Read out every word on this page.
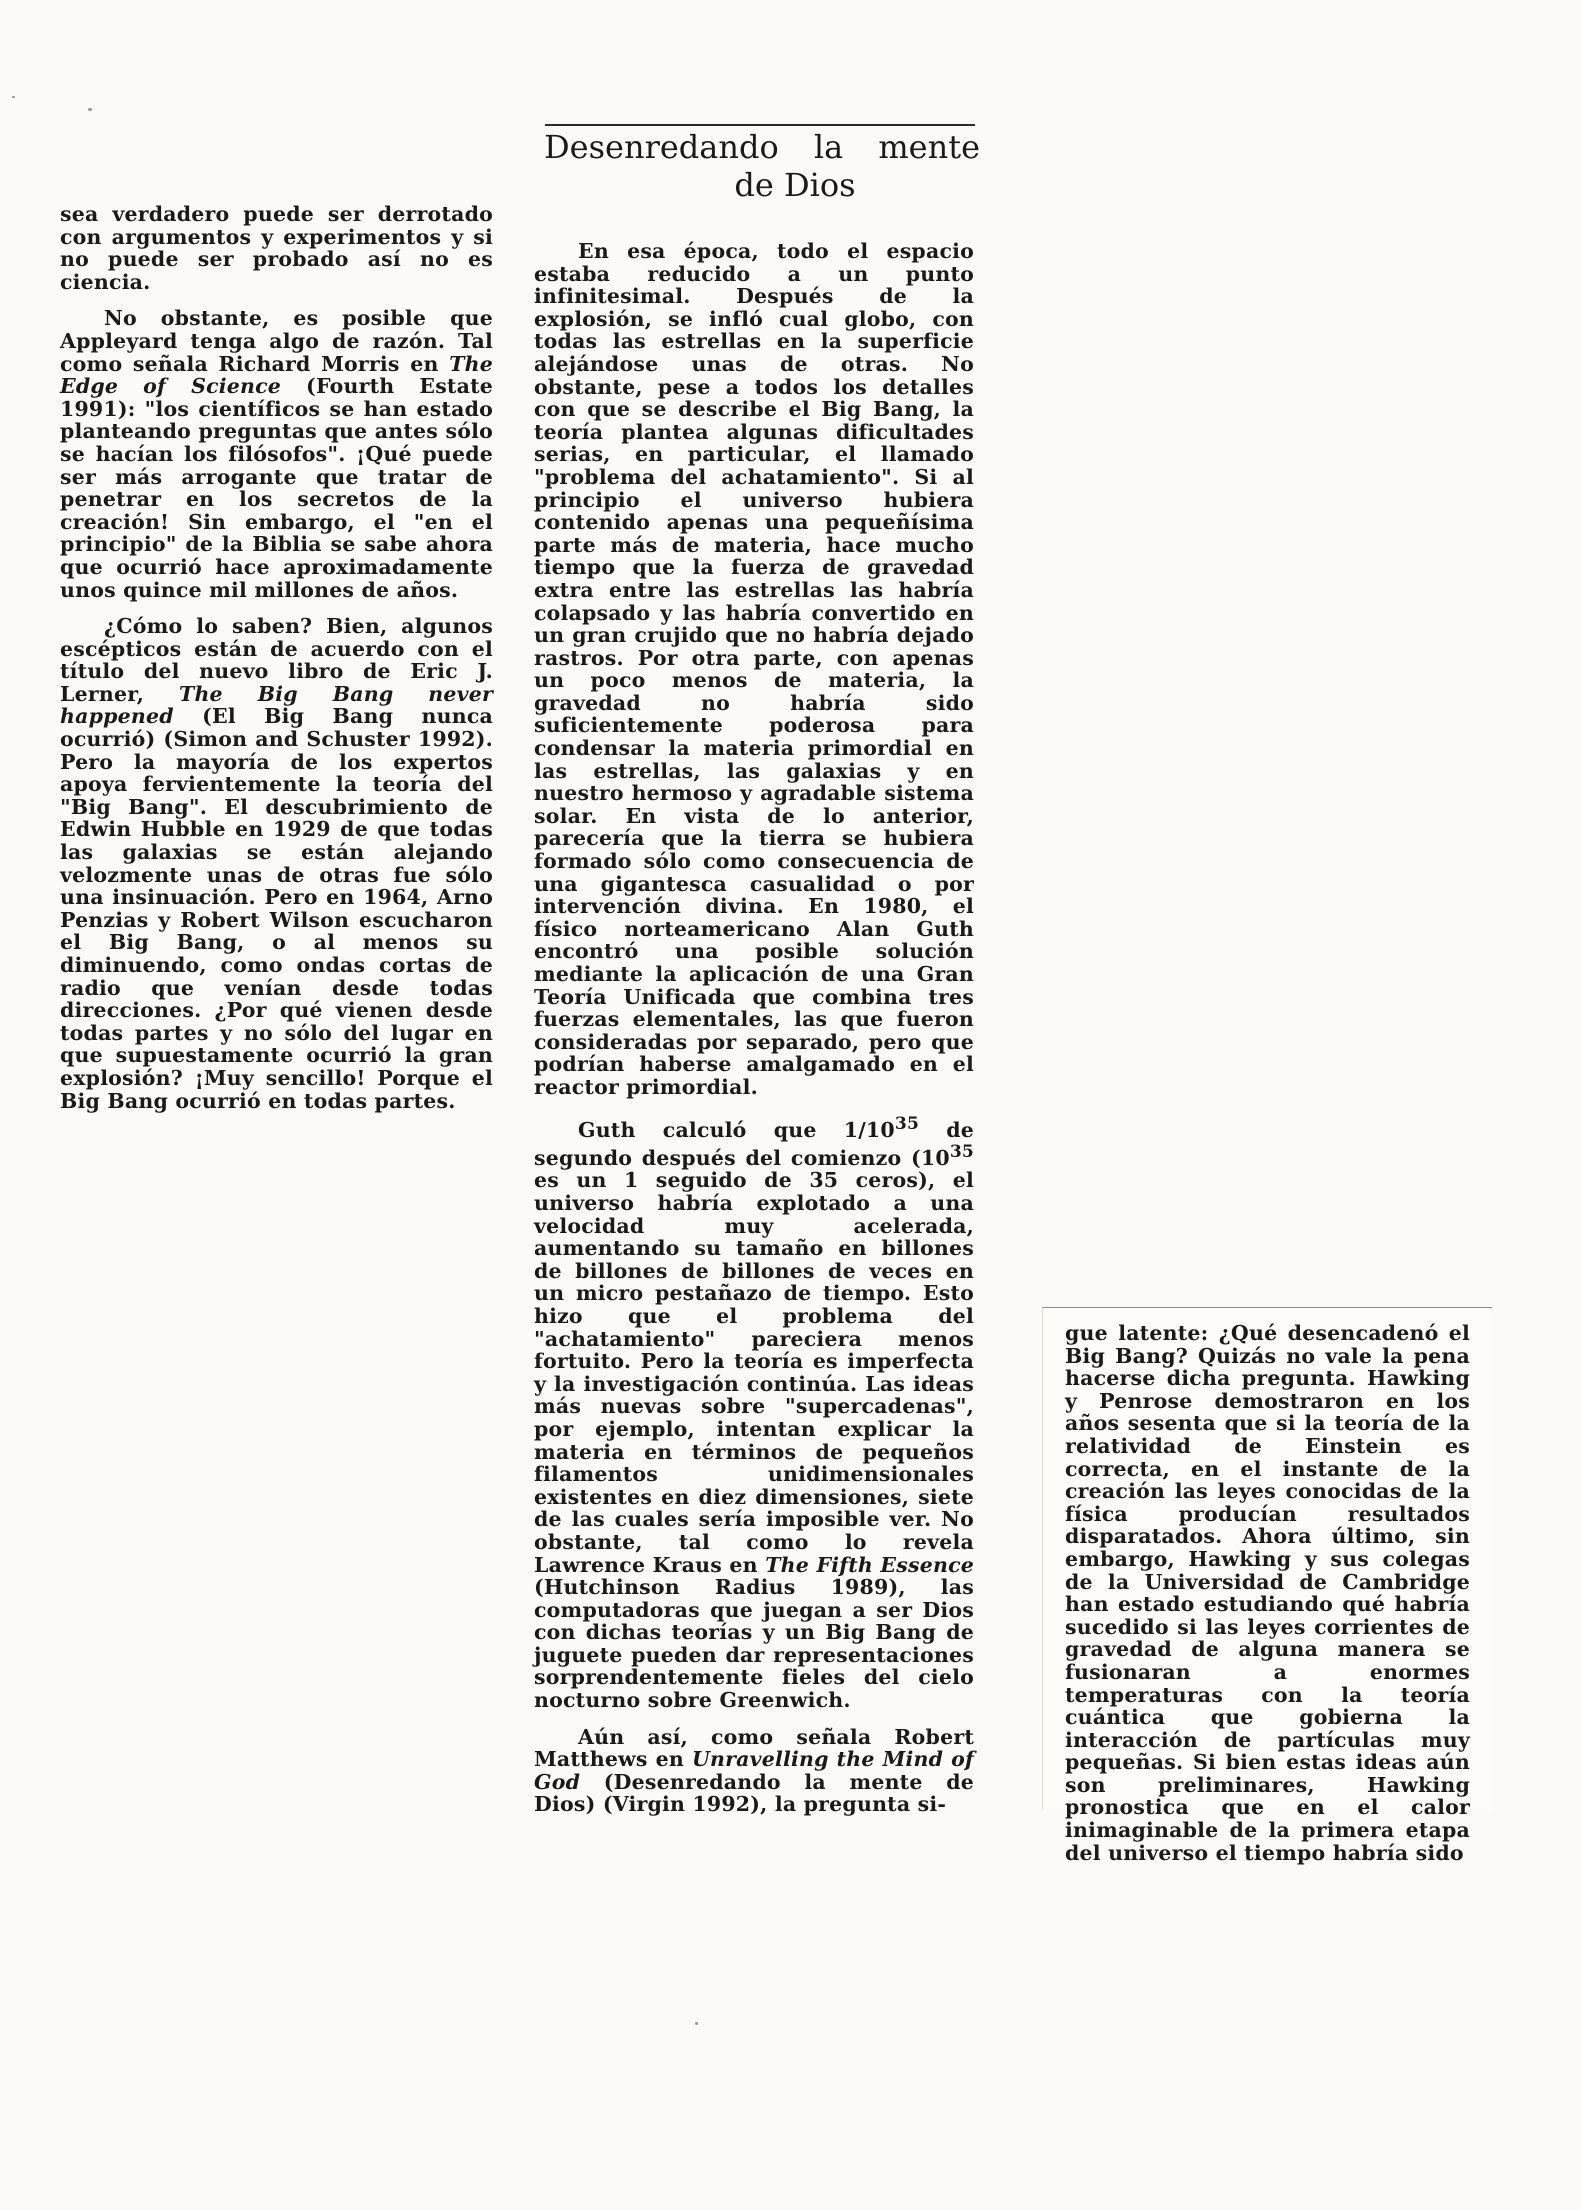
Desenredando la mente
de Dios

sea verdadero puede ser derrotado con argumentos y experimentos y si no puede ser probado así no es ciencia.

No obstante, es posible que Appleyard tenga algo de razón. Tal como señala Richard Morris en The Edge of Science (Fourth Estate 1991): "los científicos se han estado planteando preguntas que antes sólo se hacían los filósofos". ¡Qué puede ser más arrogante que tratar de penetrar en los secretos de la creación! Sin embargo, el "en el principio" de la Biblia se sabe ahora que ocurrió hace aproximadamente unos quince mil millones de años.

¿Cómo lo saben? Bien, algunos escépticos están de acuerdo con el título del nuevo libro de Eric J. Lerner, The Big Bang never happened (El Big Bang nunca ocurrió) (Simon and Schuster 1992). Pero la mayoría de los expertos apoya fervientemente la teoría del "Big Bang". El descubrimiento de Edwin Hubble en 1929 de que todas las galaxias se están alejando velozmente unas de otras fue sólo una insinuación. Pero en 1964, Arno Penzias y Robert Wilson escucharon el Big Bang, o al menos su diminuendo, como ondas cortas de radio que venían desde todas direcciones. ¿Por qué vienen desde todas partes y no sólo del lugar en que supuestamente ocurrió la gran explosión? ¡Muy sencillo! Porque el Big Bang ocurrió en todas partes.

En esa época, todo el espacio estaba reducido a un punto infinitesimal. Después de la explosión, se infló cual globo, con todas las estrellas en la superficie alejándose unas de otras. No obstante, pese a todos los detalles con que se describe el Big Bang, la teoría plantea algunas dificultades serias, en particular, el llamado "problema del achatamiento". Si al principio el universo hubiera contenido apenas una pequeñísima parte más de materia, hace mucho tiempo que la fuerza de gravedad extra entre las estrellas las habría colapsado y las habría convertido en un gran crujido que no habría dejado rastros. Por otra parte, con apenas un poco menos de materia, la gravedad no habría sido suficientemente poderosa para condensar la materia primordial en las estrellas, las galaxias y en nuestro hermoso y agradable sistema solar. En vista de lo anterior, parecería que la tierra se hubiera formado sólo como consecuencia de una gigantesca casualidad o por intervención divina. En 1980, el físico norteamericano Alan Guth encontró una posible solución mediante la aplicación de una Gran Teoría Unificada que combina tres fuerzas elementales, las que fueron consideradas por separado, pero que podrían haberse amalgamado en el reactor primordial.

Guth calculó que $1/10^{35}$ de segundo después del comienzo ($10^{35}$ es un 1 seguido de 35 ceros), el universo habría explotado a una velocidad muy acelerada, aumentando su tamaño en billones de billones de billones de veces en un micro pestañazo de tiempo. Esto hizo que el problema del "achatamiento" pareciera menos fortuito. Pero la teoría es imperfecta y la investigación continúa. Las ideas más nuevas sobre "supercadenas", por ejemplo, intentan explicar la materia en términos de pequeños filamentos unidimensionales existentes en diez dimensiones, siete de las cuales sería imposible ver. No obstante, tal como lo revela Lawrence Kraus en The Fifth Essence (Hutchinson Radius 1989), las computadoras que juegan a ser Dios con dichas teorías y un Big Bang de juguete pueden dar representaciones sorprendentemente fieles del cielo nocturno sobre Greenwich.

Aún así, como señala Robert Matthews en Unravelling the Mind of God (Desenredando la mente de Dios) (Virgin 1992), la pregunta si-

gue latente: ¿Qué desencadenó el Big Bang? Quizás no vale la pena hacerse dicha pregunta. Hawking y Penrose demostraron en los años sesenta que si la teoría de la relatividad de Einstein es correcta, en el instante de la creación las leyes conocidas de la física producían resultados disparatados. Ahora último, sin embargo, Hawking y sus colegas de la Universidad de Cambridge han estado estudiando qué habría sucedido si las leyes corrientes de gravedad de alguna manera se fusionaran a enormes temperaturas con la teoría cuántica que gobierna la interacción de partículas muy pequeñas. Si bien estas ideas aún son preliminares, Hawking pronostica que en el calor inimaginable de la primera etapa del universo el tiempo habría sido
